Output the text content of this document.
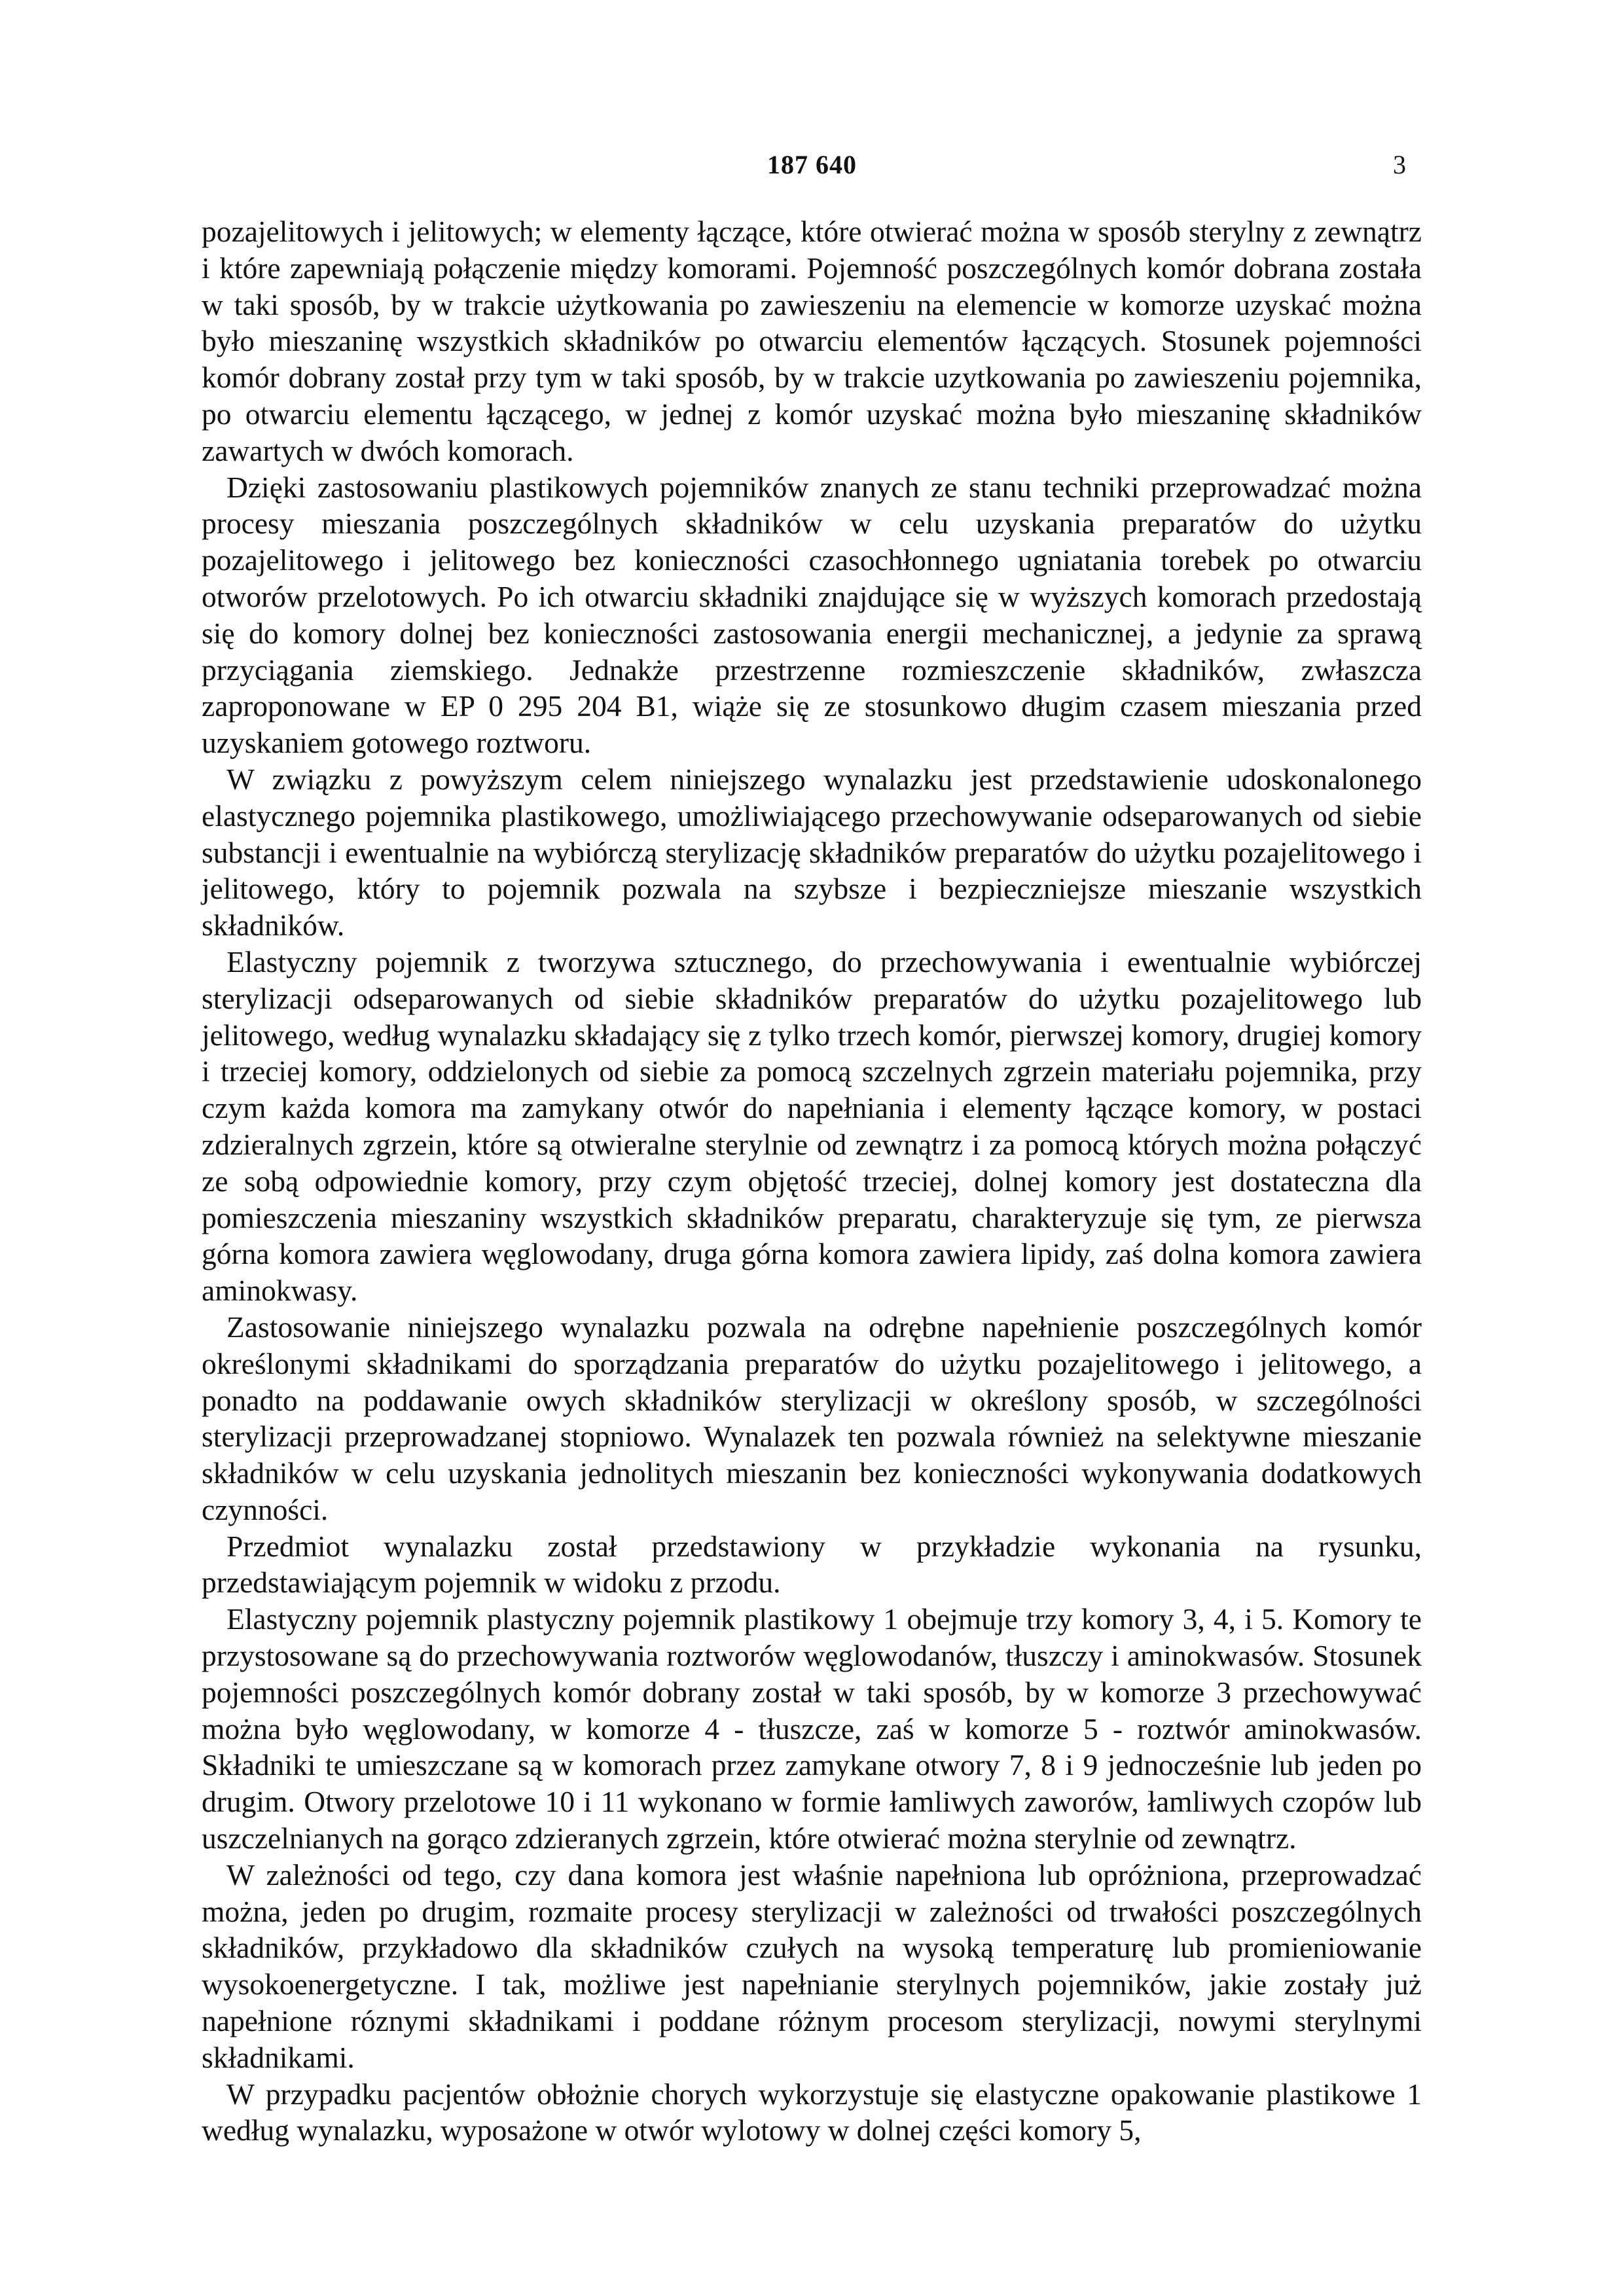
187 640	3

pozajelitowych i jelitowych; w elementy łączące, które otwierać można w sposób sterylny z zewnątrz i które zapewniają połączenie między komorami. Pojemność poszczególnych komór dobrana została w taki sposób, by w trakcie użytkowania po zawieszeniu na elemencie w komorze uzyskać można było mieszaninę wszystkich składników po otwarciu elementów łączących. Stosunek pojemności komór dobrany został przy tym w taki sposób, by w trakcie uzytkowania po zawieszeniu pojemnika, po otwarciu elementu łączącego, w jednej z komór uzyskać można było mieszaninę składników zawartych w dwóch komorach.

Dzięki zastosowaniu plastikowych pojemników znanych ze stanu techniki przeprowadzać można procesy mieszania poszczególnych składników w celu uzyskania preparatów do użytku pozajelitowego i jelitowego bez konieczności czasochłonnego ugniatania torebek po otwarciu otworów przelotowych. Po ich otwarciu składniki znajdujące się w wyższych komorach przedostają się do komory dolnej bez konieczności zastosowania energii mechanicznej, a jedynie za sprawą przyciągania ziemskiego. Jednakże przestrzenne rozmieszczenie składników, zwłaszcza zaproponowane w EP 0 295 204 B1, wiąże się ze stosunkowo długim czasem mieszania przed uzyskaniem gotowego roztworu.

W związku z powyższym celem niniejszego wynalazku jest przedstawienie udoskonalonego elastycznego pojemnika plastikowego, umożliwiającego przechowywanie odseparowanych od siebie substancji i ewentualnie na wybiórczą sterylizację składników preparatów do użytku pozajelitowego i jelitowego, który to pojemnik pozwala na szybsze i bezpieczniejsze mieszanie wszystkich składników.

Elastyczny pojemnik z tworzywa sztucznego, do przechowywania i ewentualnie wybiórczej sterylizacji odseparowanych od siebie składników preparatów do użytku pozajelitowego lub jelitowego, według wynalazku składający się z tylko trzech komór, pierwszej komory, drugiej komory i trzeciej komory, oddzielonych od siebie za pomocą szczelnych zgrzein materiału pojemnika, przy czym każda komora ma zamykany otwór do napełniania i elementy łączące komory, w postaci zdzieralnych zgrzein, które są otwieralne sterylnie od zewnątrz i za pomocą których można połączyć ze sobą odpowiednie komory, przy czym objętość trzeciej, dolnej komory jest dostateczna dla pomieszczenia mieszaniny wszystkich składników preparatu, charakteryzuje się tym, ze pierwsza górna komora zawiera węglowodany, druga górna komora zawiera lipidy, zaś dolna komora zawiera aminokwasy.

Zastosowanie niniejszego wynalazku pozwala na odrębne napełnienie poszczególnych komór określonymi składnikami do sporządzania preparatów do użytku pozajelitowego i jelitowego, a ponadto na poddawanie owych składników sterylizacji w określony sposób, w szczególności sterylizacji przeprowadzanej stopniowo. Wynalazek ten pozwala również na selektywne mieszanie składników w celu uzyskania jednolitych mieszanin bez konieczności wykonywania dodatkowych czynności.

Przedmiot wynalazku został przedstawiony w przykładzie wykonania na rysunku, przedstawiającym pojemnik w widoku z przodu.

Elastyczny pojemnik plastyczny pojemnik plastikowy 1 obejmuje trzy komory 3, 4, i 5. Komory te przystosowane są do przechowywania roztworów węglowodanów, tłuszczy i aminokwasów. Stosunek pojemności poszczególnych komór dobrany został w taki sposób, by w komorze 3 przechowywać można było węglowodany, w komorze 4 - tłuszcze, zaś w komorze 5 - roztwór aminokwasów. Składniki te umieszczane są w komorach przez zamykane otwory 7, 8 i 9 jednocześnie lub jeden po drugim. Otwory przelotowe 10 i 11 wykonano w formie łamliwych zaworów, łamliwych czopów lub uszczelnianych na gorąco zdzieranych zgrzein, które otwierać można sterylnie od zewnątrz.

W zależności od tego, czy dana komora jest właśnie napełniona lub opróżniona, przeprowadzać można, jeden po drugim, rozmaite procesy sterylizacji w zależności od trwałości poszczególnych składników, przykładowo dla składników czułych na wysoką temperaturę lub promieniowanie wysokoenergetyczne. I tak, możliwe jest napełnianie sterylnych pojemników, jakie zostały już napełnione róznymi składnikami i poddane różnym procesom sterylizacji, nowymi sterylnymi składnikami.

W przypadku pacjentów obłożnie chorych wykorzystuje się elastyczne opakowanie plastikowe 1 według wynalazku, wyposażone w otwór wylotowy w dolnej części komory 5,
